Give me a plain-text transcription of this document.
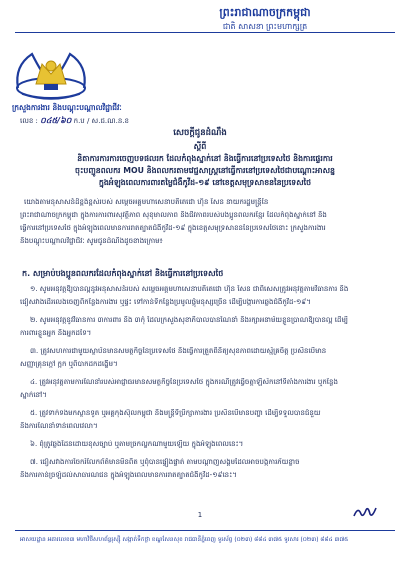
ព្រះរាជាណាចក្រកម្ពុជា
ជាតិ សាសនា ព្រះមហាក្សត្រ
ក្រសួងការងារ និងបណ្តុះបណ្តាលវិជ្ជាជីវៈ
លេខ : ០៤៥/៦០ ក.ប / ស.ជ.ណ.ន.ខ
សេចក្តីជូនដំណឹង
ស្តីពី
និតាការការការចេញបទផលរក ដែលកំពុងស្នាក់នៅ និងធ្វើការនៅប្រទេសថៃ និងការផ្ទេរការ
ចុះបញ្ជូនពលករ MOU និងពលករតាមវេជ្ជសាស្ត្រនៅធ្វើការនៅប្រទេសថៃជាបណ្តោះអាសន្ន
ក្នុងអំឡុងពេលការពារតម្លៃជំងឺកូវីដ-១៩ នៅខេត្តសមុទ្រសាខននៃប្រទេសថៃ
យោងតាមនុសាសន៍ដ៏ខ្ពង់ខ្ពស់របស់ សម្តេចអគ្គមហាសេនាបតីតេជោ ហ៊ុន សែន នាយករដ្ឋមន្ត្រីនៃ
ព្រះរាជាណាចក្រកម្ពុជា ក្នុងការការពារសុវត្ថិភាព សុខុមាលភាព និងជីវភាពរបស់បងប្អូនពលករខ្មែរ ដែលកំពុងស្នាក់នៅ និង
ធ្វើការនៅប្រទេសថៃ ក្នុងអំឡុងពេលមានការរាតត្បាតជំងឺកូវីដ-១៩ ក្នុងខេត្តសមុទ្រសាខននៃប្រទេសថៃនោះ ក្រសួងការងារ
និងបណ្តុះបណ្តាលវិជ្ជាជីវៈ សូមជូនដំណឹងដូចខាងក្រោម៖
ក. សម្រាប់បងប្អូនពលករដែលកំពុងស្នាក់នៅ និងធ្វើការនៅប្រទេសថៃ
១. សូមអនុវត្តឱ្យបានល្អនូវអនុសាសន៍របស់ សម្តេចអគ្គមហាសេនាបតីតេជោ ហ៊ុន សែន ជាពិសេសត្រូវអនុវត្តតាមវិធានការ និង
ជៀសវាងដើរលេងចេញពីកន្លែងការងារ ឬផ្ទះ ទៅកាន់ទីកន្លែងប្រមូលផ្តុំមនុស្សច្រើន ដើម្បីបង្ការការឆ្លងជំងឺកូវីដ-១៩។
២. សូមអនុវត្តនូវវិធានការ ៣ការពារ និង ៣កុំ ដែលក្រសួងសុខាភិបាលបានណែនាំ និងរក្សាអនាម័យខ្លួនប្រាណឱ្យបានល្អ ដើម្បី
ការពារខ្លួនអ្នក និងអ្នកដទៃ។
៣. ត្រូវសហការជាមួយស្ថាប័នមានសមត្ថកិច្ចនៃប្រទេសថៃ និងធ្វើការត្រួតពិនិត្យសុខភាពដោយស្ម័គ្រចិត្ត ប្រសិនបើមាន
សញ្ញាគ្រុនក្តៅ ក្អក ឬពិបាកដកដង្ហើម។
៤. ត្រូវអនុវត្តតាមការណែនាំរបស់អាជ្ញាធរមានសមត្ថកិច្ចនៃប្រទេសថៃ ក្នុងករណីត្រូវធ្វើចត្តាឡីស័កនៅទីតាំងការងារ ឬកន្លែង
ស្នាក់នៅ។
៥. ត្រូវទាក់ទងមកស្ថានទូត ឬអគ្គកុងស៊ុលកម្ពុជា និងមន្ត្រីទីប្រឹក្សាការងារ ប្រសិនបើមានបញ្ហា ដើម្បីទទួលបានជំនួយ
និងការណែនាំទាន់ពេលវេលា។
៦. ពុំត្រូវឆ្លងដែនដោយខុសច្បាប់ ឬតាមច្រកល្ហកណាមួយឡើយ ក្នុងអំឡុងពេលនេះ។
៧. ជៀសវាងការចែករំលែកព័ត៌មានមិនពិត ឬពុំបានផ្ទៀងផ្ទាត់ តាមបណ្តាញសង្គមដែលអាចបង្កការភ័យខ្លាច
និងការភាន់ច្រឡំដល់សាធារណជន ក្នុងអំឡុងពេលមានការរាតត្បាតជំងឺកូវីដ-១៩នេះ។
1
អាសយដ្ឋាន អគារលេខ៣ មហាវិថីសហព័ន្ធរុស្ស៊ី សង្កាត់ទឹកថ្លា ខណ្ឌសែនសុខ រាជធានីភ្នំពេញ ទូរស័ព្ទ (០២៣) ៨៨៤ ៣៧៥ ទូរសារ (០២៣) ៨៨៤ ៣៧៥
